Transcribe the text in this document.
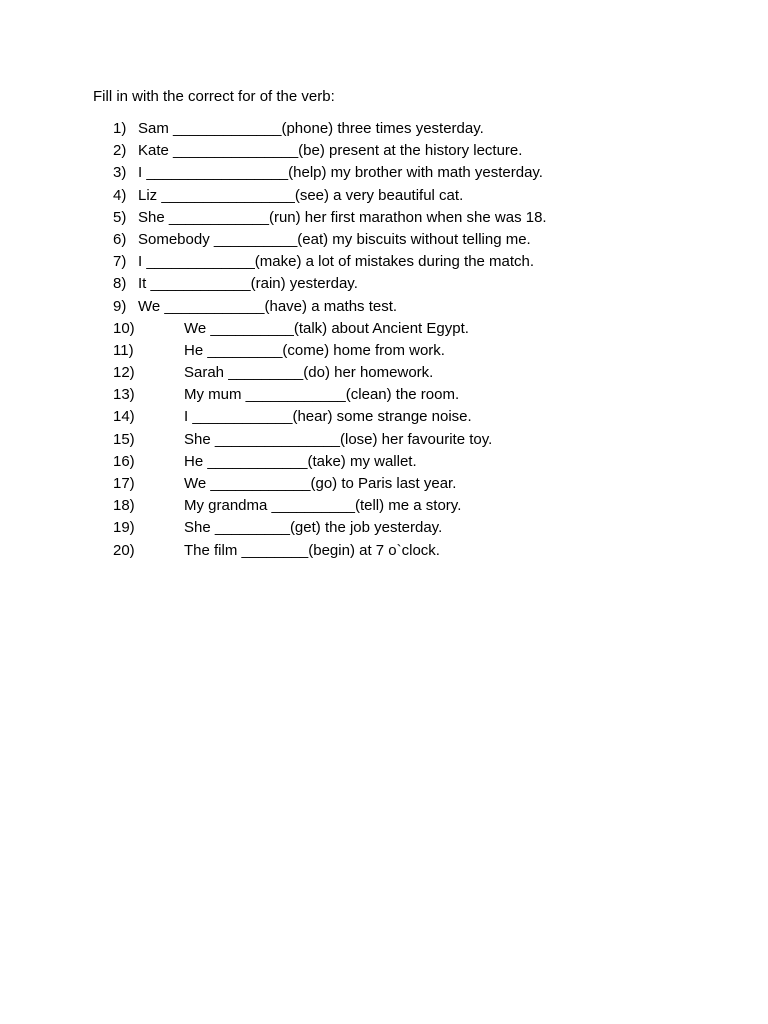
Fill in with the correct for of the verb:

1)

Sam _____________(phone) three times yesterday.

2)

Kate _______________(be) present at the history lecture.

3)

I _________________(help) my brother with math yesterday.

4)

Liz ________________(see) a very beautiful cat.

5)

She ____________(run) her first marathon when she was 18.

6)

Somebody __________(eat) my biscuits without telling me.

7)

I _____________(make) a lot of mistakes during the match.

8)

It ____________(rain) yesterday.

9)

We ____________(have) a maths test.

10)

	We __________(talk) about Ancient Egypt.

11)

	He _________(come) home from work.

12)

	Sarah _________(do) her homework.

13)

	My mum ____________(clean) the room.

14)

	I ____________(hear) some strange noise.

15)

	She _______________(lose) her favourite toy.

16)

	He ____________(take) my wallet.

17)

	We ____________(go) to Paris last year.

18)

	My grandma __________(tell) me a story.

19)

	She _________(get) the job yesterday.

20)

	The film ________(begin) at 7 o`clock.
